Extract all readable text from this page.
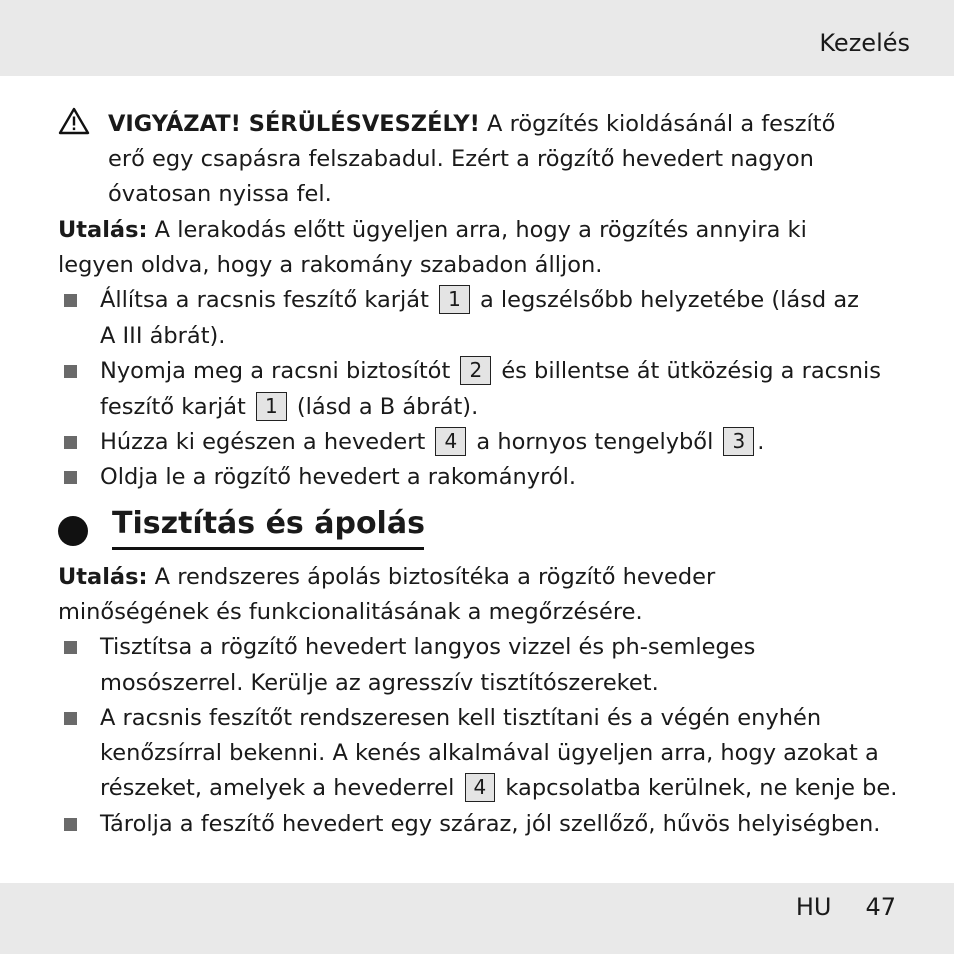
Kezelés
VIGYÁZAT! SÉRÜLÉSVESZÉLY! A rögzítés kioldásánál a feszítő
erő egy csapásra felszabadul. Ezért a rögzítő hevedert nagyon
óvatosan nyissa fel.
Utalás: A lerakodás előtt ügyeljen arra, hogy a rögzítés annyira ki
legyen oldva, hogy a rakomány szabadon álljon.
Állítsa a racsnis feszítő karját 1 a legszélsőbb helyzetébe (lásd az
A III ábrát).
Nyomja meg a racsni biztosítót 2 és billentse át ütközésig a racsnis
feszítő karját 1 (lásd a B ábrát).
Húzza ki egészen a hevedert 4 a hornyos tengelyből 3 .
Oldja le a rögzítő hevedert a rakományról.
Tisztítás és ápolás
Utalás: A rendszeres ápolás biztosítéka a rögzítő heveder
minőségének és funkcionalitásának a megőrzésére.
Tisztítsa a rögzítő hevedert langyos vizzel és ph-semleges
mosószerrel. Kerülje az agresszív tisztítószereket.
A racsnis feszítőt rendszeresen kell tisztítani és a végén enyhén
kenőzsírral bekenni. A kenés alkalmával ügyeljen arra, hogy azokat a
részeket, amelyek a hevederrel 4 kapcsolatba kerülnek, ne kenje be.
Tárolja a feszítő hevedert egy száraz, jól szellőző, hűvös helyiségben.
HU 47
